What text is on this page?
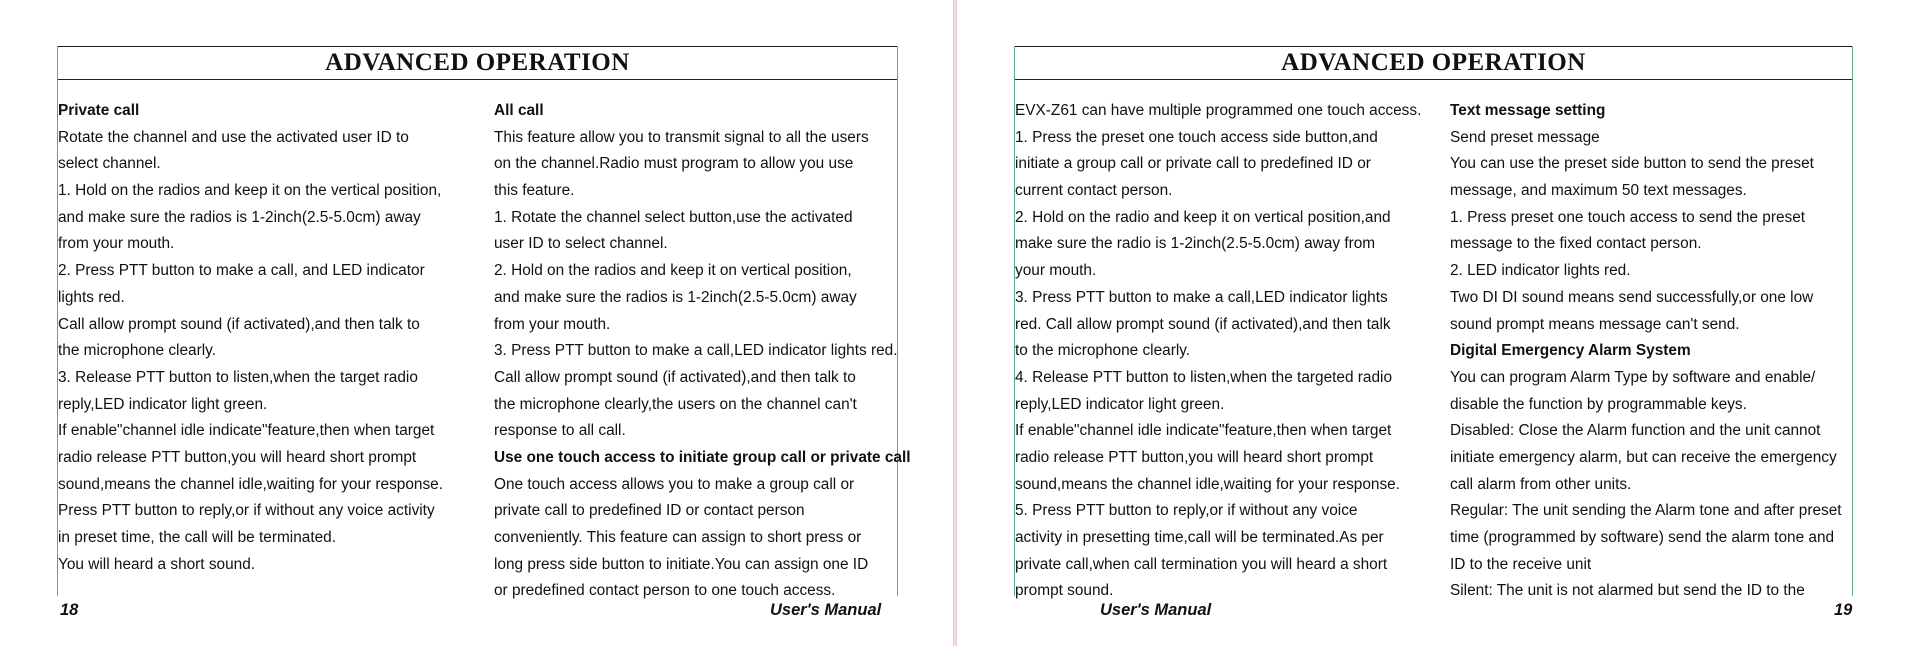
ADVANCED OPERATION
Private call
Rotate the channel and use the activated user ID to
select channel.
1. Hold on the radios and keep it on the vertical position,
and make sure the radios is 1-2inch(2.5-5.0cm) away
from your mouth.
2. Press PTT button to make a call, and LED indicator
lights red.
Call allow prompt sound (if activated),and then talk to
the microphone clearly.
3. Release PTT button to listen,when the target radio
reply,LED indicator light green.
If enable"channel idle indicate"feature,then when target
radio release PTT button,you will heard short prompt
sound,means the channel idle,waiting for your response.
Press PTT button to reply,or if without any voice activity
in preset time, the call will be terminated.
You will heard a short sound.
All call
This feature allow you to transmit signal to all the users
on the channel.Radio must program to allow you use
this feature.
1. Rotate the channel select button,use the activated
user ID to select channel.
2. Hold on the radios and keep it on vertical position,
and make sure the radios is 1-2inch(2.5-5.0cm) away
from your mouth.
3. Press PTT button to make a call,LED indicator lights red.
Call allow prompt sound (if activated),and then talk to
the microphone clearly,the users on the channel can't
response to all call.
Use one touch access to initiate group call or private call
One touch access allows you to make a group call or
private call to predefined ID or contact person
conveniently. This feature can assign to short press or
long press side button to initiate.You can assign one ID
or predefined contact person to one touch access.
18	User's Manual
ADVANCED OPERATION
EVX-Z61 can have multiple programmed one touch access.
1. Press the preset one touch access side button,and
initiate a group call or private call to predefined ID or
current contact person.
2. Hold on the radio and keep it on vertical position,and
make sure the radio is 1-2inch(2.5-5.0cm) away from
your mouth.
3. Press PTT button to make a call,LED indicator lights
red. Call allow prompt sound (if activated),and then talk
to the microphone clearly.
4. Release PTT button to listen,when the targeted radio
reply,LED indicator light green.
If enable"channel idle indicate"feature,then when target
radio release PTT button,you will heard short prompt
sound,means the channel idle,waiting for your response.
5. Press PTT button to reply,or if without any voice
activity in presetting time,call will be terminated.As per
private call,when call termination you will heard a short
prompt sound.
Text message setting
Send preset message
You can use the preset side button to send the preset
message, and maximum 50 text messages.
1. Press preset one touch access to send the preset
message to the fixed contact person.
2. LED indicator lights red.
Two DI DI sound means send successfully,or one low
sound prompt means message can't send.
Digital Emergency Alarm System
You can program Alarm Type by software and enable/
disable the function by programmable keys.
Disabled: Close the Alarm function and the unit cannot
initiate emergency alarm, but can receive the emergency
call alarm from other units.
Regular: The unit sending the Alarm tone and after preset
time (programmed by software) send the alarm tone and
ID to the receive unit
Silent: The unit is not alarmed but send the ID to the
User's Manual	19
